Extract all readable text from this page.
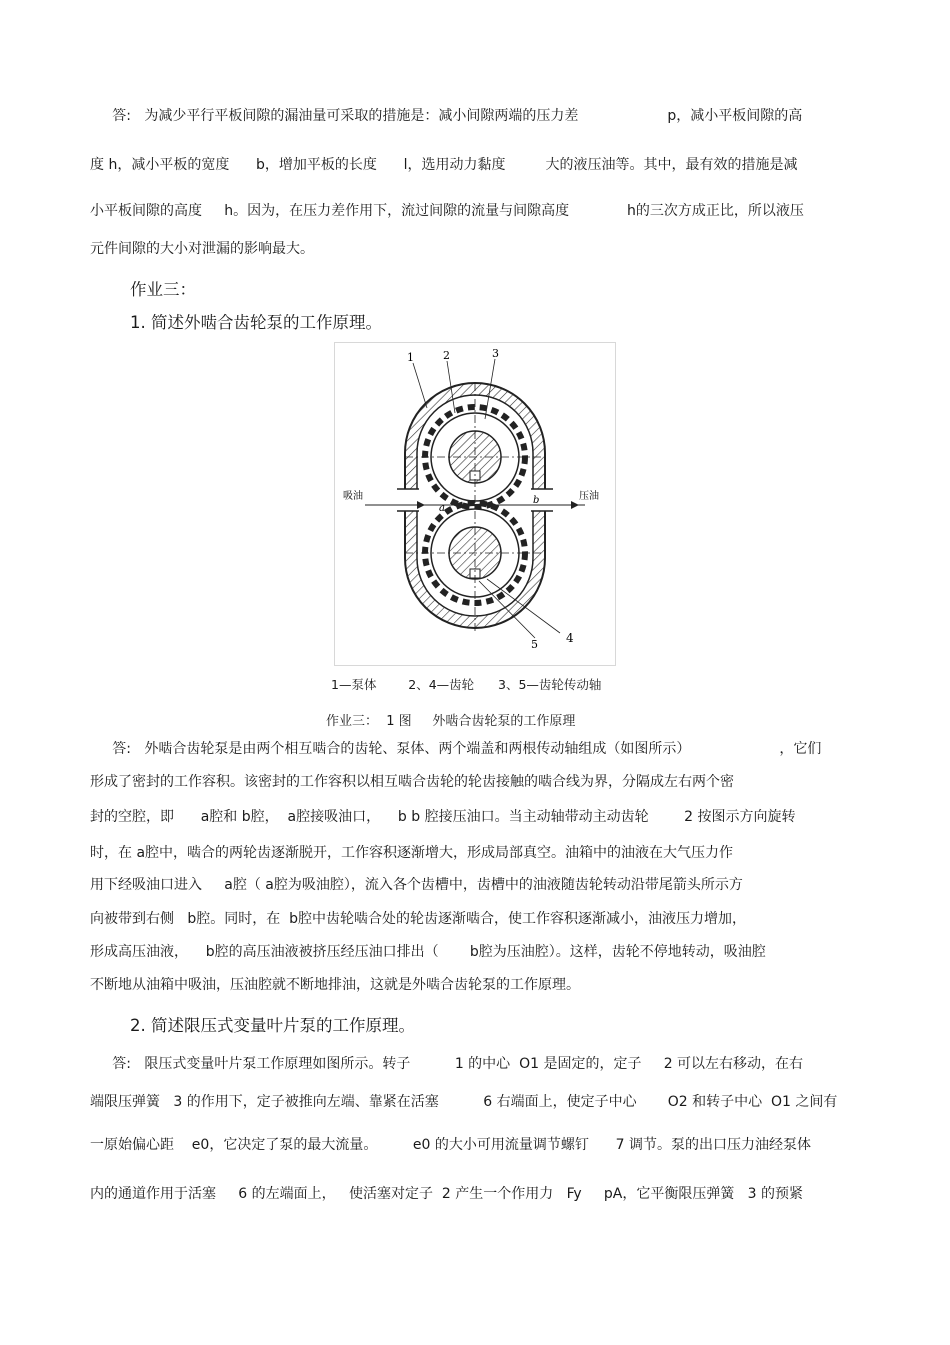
答:   为减少平行平板间隙的漏油量可采取的措施是：减小间隙两端的压力差                    p，减小平板间隙的高
度 h，减小平板的宽度      b，增加平板的长度      l，选用动力黏度         大的液压油等。其中，最有效的措施是减
小平板间隙的高度     h。因为，在压力差作用下，流过间隙的流量与间隙高度             h的三次方成正比，所以液压
元件间隙的大小对泄漏的影响最大。
作业三：
1. 简述外啮合齿轮泵的工作原理。
1	2	3
4
5
吸油	压油
a
b
1—泵体        2、4—齿轮      3、5—齿轮传动轴
作业三：  1 图     外啮合齿轮泵的工作原理
答:   外啮合齿轮泵是由两个相互啮合的齿轮、泵体、两个端盖和两根传动轴组成（如图所示）                    ，它们
形成了密封的工作容积。该密封的工作容积以相互啮合齿轮的轮齿接触的啮合线为界，分隔成左右两个密
封的空腔，即      a腔和 b腔，  a腔接吸油口，    b b 腔接压油口。当主动轴带动主动齿轮        2 按图示方向旋转
时，在 a腔中，啮合的两轮齿逐渐脱开，工作容积逐渐增大，形成局部真空。油箱中的油液在大气压力作
用下经吸油口进入     a腔（ a腔为吸油腔），流入各个齿槽中，齿槽中的油液随齿轮转动沿带尾箭头所示方
向被带到右侧   b腔。同时，在  b腔中齿轮啮合处的轮齿逐渐啮合，使工作容积逐渐减小，油液压力增加，
形成高压油液，    b腔的高压油液被挤压经压油口排出（       b腔为压油腔）。这样，齿轮不停地转动，吸油腔
不断地从油箱中吸油，压油腔就不断地排油，这就是外啮合齿轮泵的工作原理。
2. 简述限压式变量叶片泵的工作原理。
答:   限压式变量叶片泵工作原理如图所示。转子          1 的中心  O1 是固定的，定子     2 可以左右移动，在右
端限压弹簧   3 的作用下，定子被推向左端、靠紧在活塞          6 右端面上，使定子中心       O2 和转子中心  O1 之间有
一原始偏心距    e0，它决定了泵的最大流量。        e0 的大小可用流量调节螺钉      7 调节。泵的出口压力油经泵体
内的通道作用于活塞     6 的左端面上，   使活塞对定子  2 产生一个作用力   Fy     pA，它平衡限压弹簧   3 的预紧
